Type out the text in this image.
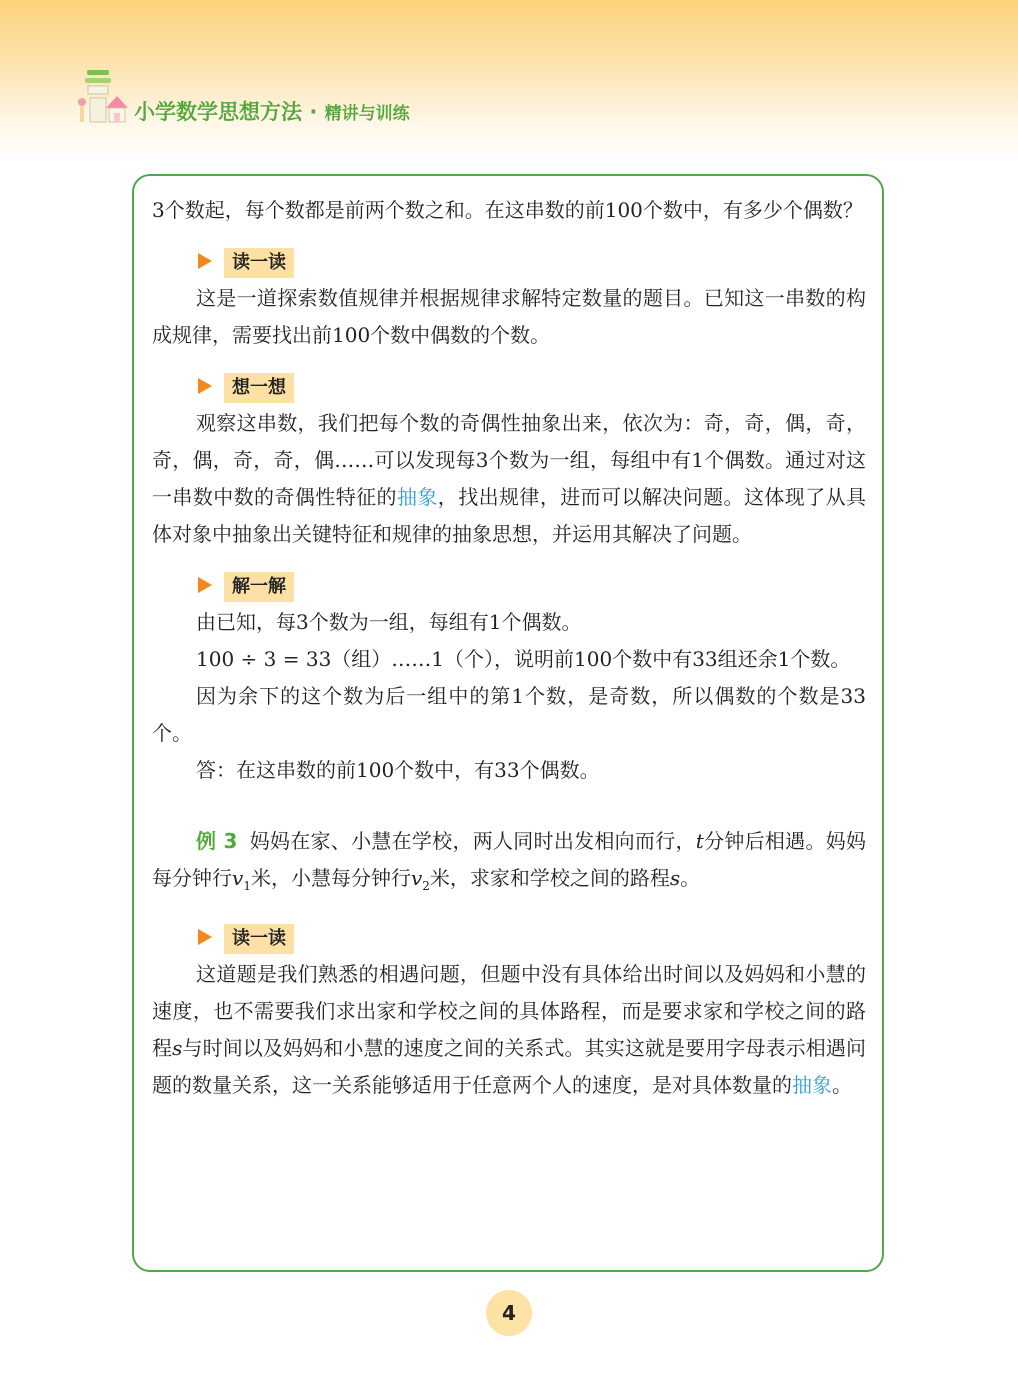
小学数学思想方法 · 精讲与训练

3个数起，每个数都是前两个数之和。在这串数的前100个数中，有多少个偶数？

读一读

这是一道探索数值规律并根据规律求解特定数量的题目。已知这一串数的构成规律，需要找出前100个数中偶数的个数。

想一想

观察这串数，我们把每个数的奇偶性抽象出来，依次为：奇，奇，偶，奇，奇，偶，奇，奇，偶……可以发现每3个数为一组，每组中有1个偶数。通过对这一串数中数的奇偶性特征的抽象，找出规律，进而可以解决问题。这体现了从具体对象中抽象出关键特征和规律的抽象思想，并运用其解决了问题。

解一解

由已知，每3个数为一组，每组有1个偶数。

100 ÷ 3 = 33（组）……1（个），说明前100个数中有33组还余1个数。

因为余下的这个数为后一组中的第1个数，是奇数，所以偶数的个数是33个。

答：在这串数的前100个数中，有33个偶数。

例 3 妈妈在家、小慧在学校，两人同时出发相向而行，t分钟后相遇。妈妈每分钟行$v_1$米，小慧每分钟行$v_2$米，求家和学校之间的路程s。

读一读

这道题是我们熟悉的相遇问题，但题中没有具体给出时间以及妈妈和小慧的速度，也不需要我们求出家和学校之间的具体路程，而是要求家和学校之间的路程s与时间以及妈妈和小慧的速度之间的关系式。其实这就是要用字母表示相遇问题的数量关系，这一关系能够适用于任意两个人的速度，是对具体数量的抽象。

4
